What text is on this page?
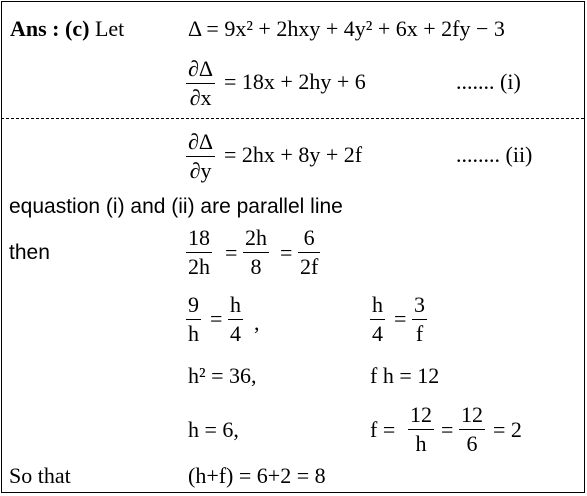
Ans : (c) Let	Δ = 9x² + 2hxy + 4y² + 6x + 2fy − 3
∂Δ
∂x
= 18x + 2hy + 6	....... (i)
∂Δ
∂y
= 2hx + 8y + 2f	........ (ii)
equastion (i) and (ii) are parallel line
then
18
2h
=
2h
8
=
6
2f
9
h
=
h
4 ,
h
4
=
3
f
h² = 36,	f h = 12
h = 6,	f =
12
h
=
12
6
= 2
So that	(h+f) = 6+2 = 8
